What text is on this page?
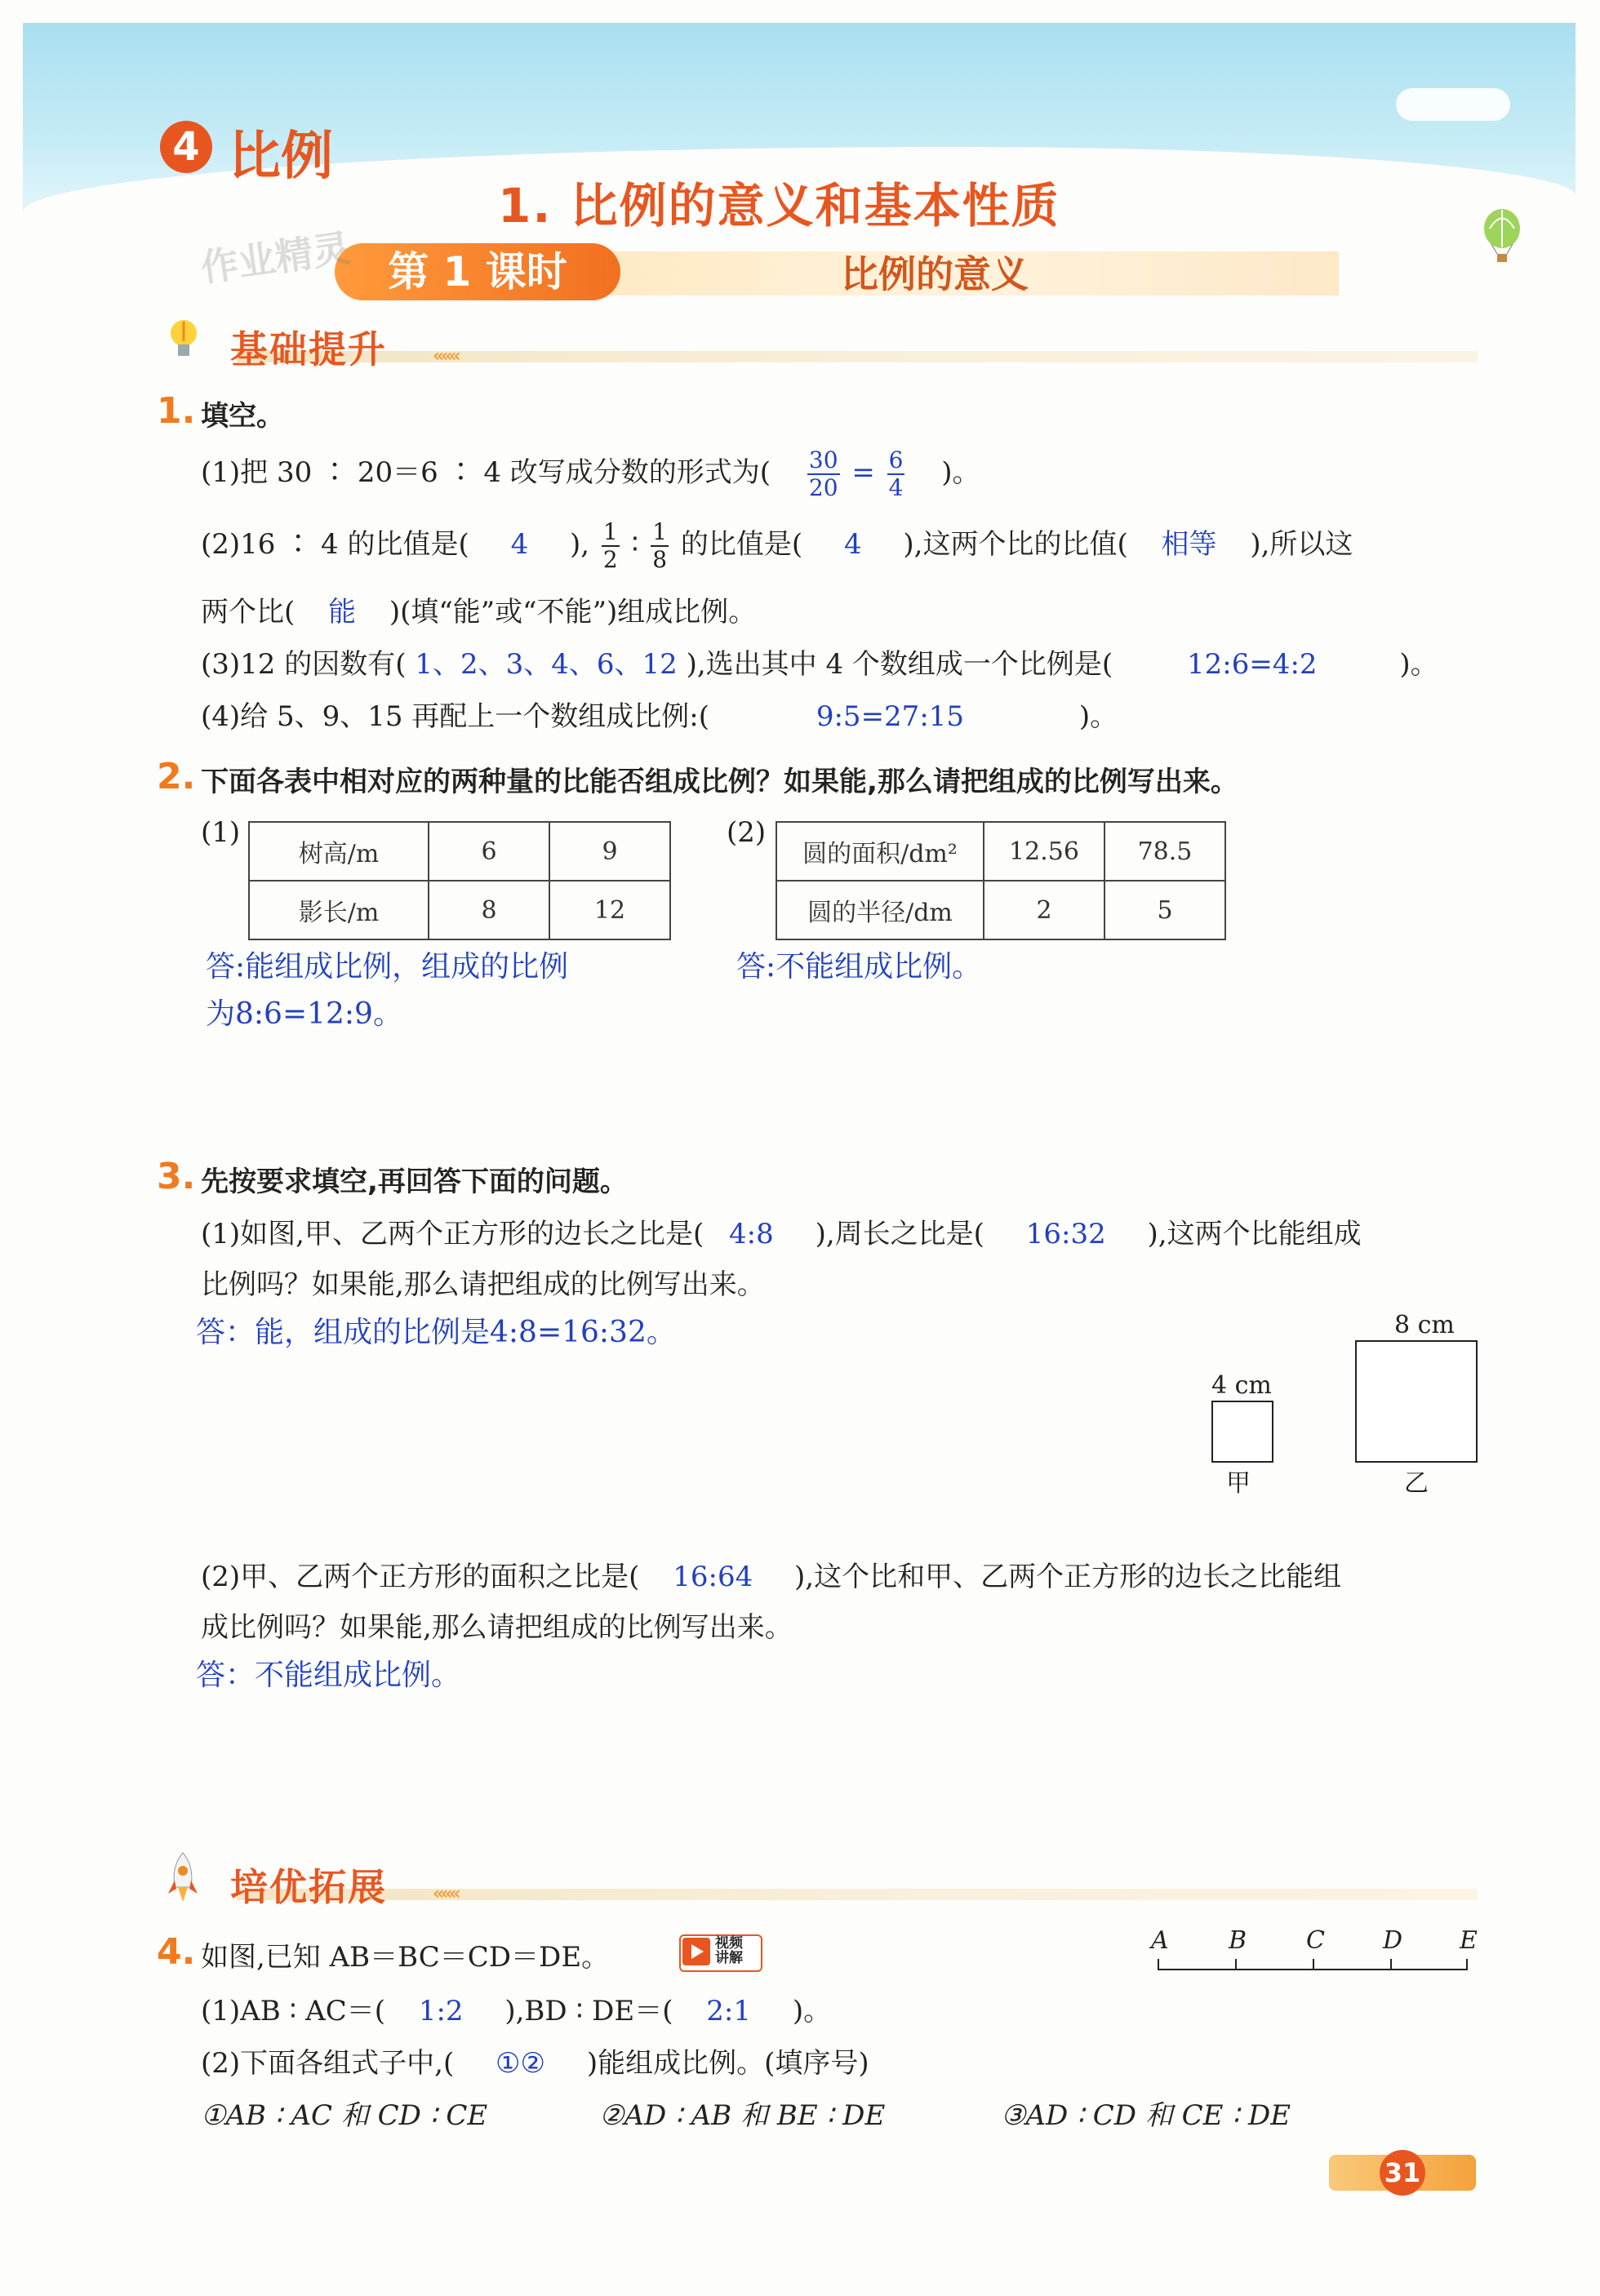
4 比例
1. 比例的意义和基本性质
第 1 课时	比例的意义
作业精灵
基础提升	«««
1. 填空。
(1)把 30 ∶ 20＝6 ∶ 4 改写成分数的形式为( $\frac{30}{20} = \frac{6}{4}$ )。
(2)16 ∶ 4 的比值是( 4 ), $\frac{1}{2}$ ∶ $\frac{1}{8}$ 的比值是( 4 ),这两个比的比值( 相等 ),所以这
两个比( 能 )(填“能”或“不能”)组成比例。
(3)12 的因数有( 1、2、3、4、6、12 ),选出其中 4 个数组成一个比例是(	12:6=4:2	)。
(4)给 5、9、15 再配上一个数组成比例:(	9:5=27:15	)。
2. 下面各表中相对应的两种量的比能否组成比例？如果能,那么请把组成的比例写出来。
(1)
树高/m	6	9
影长/m	8	12
(2)
圆的面积/dm²	12.56	78.5
圆的半径/dm	2	5
答:能组成比例，组成的比例
为8:6=12:9。
答:不能组成比例。
3. 先按要求填空,再回答下面的问题。
(1)如图,甲、乙两个正方形的边长之比是( 4:8 ),周长之比是( 16:32 ),这两个比能组成
比例吗？如果能,那么请把组成的比例写出来。
答：能，组成的比例是4:8=16:32。
4 cm
甲
8 cm
乙
(2)甲、乙两个正方形的面积之比是( 16:64 ),这个比和甲、乙两个正方形的边长之比能组
成比例吗？如果能,那么请把组成的比例写出来。
答：不能组成比例。
培优拓展	«««
4. 如图,已知 AB＝BC＝CD＝DE。	视频讲解
A B C D E
(1)AB ∶ AC＝( 1:2 ),BD ∶ DE＝( 2:1 )。
(2)下面各组式子中,( ①② )能组成比例。(填序号)
①AB ∶ AC 和 CD ∶ CE	②AD ∶ AB 和 BE ∶ DE	③AD ∶ CD 和 CE ∶ DE
31
